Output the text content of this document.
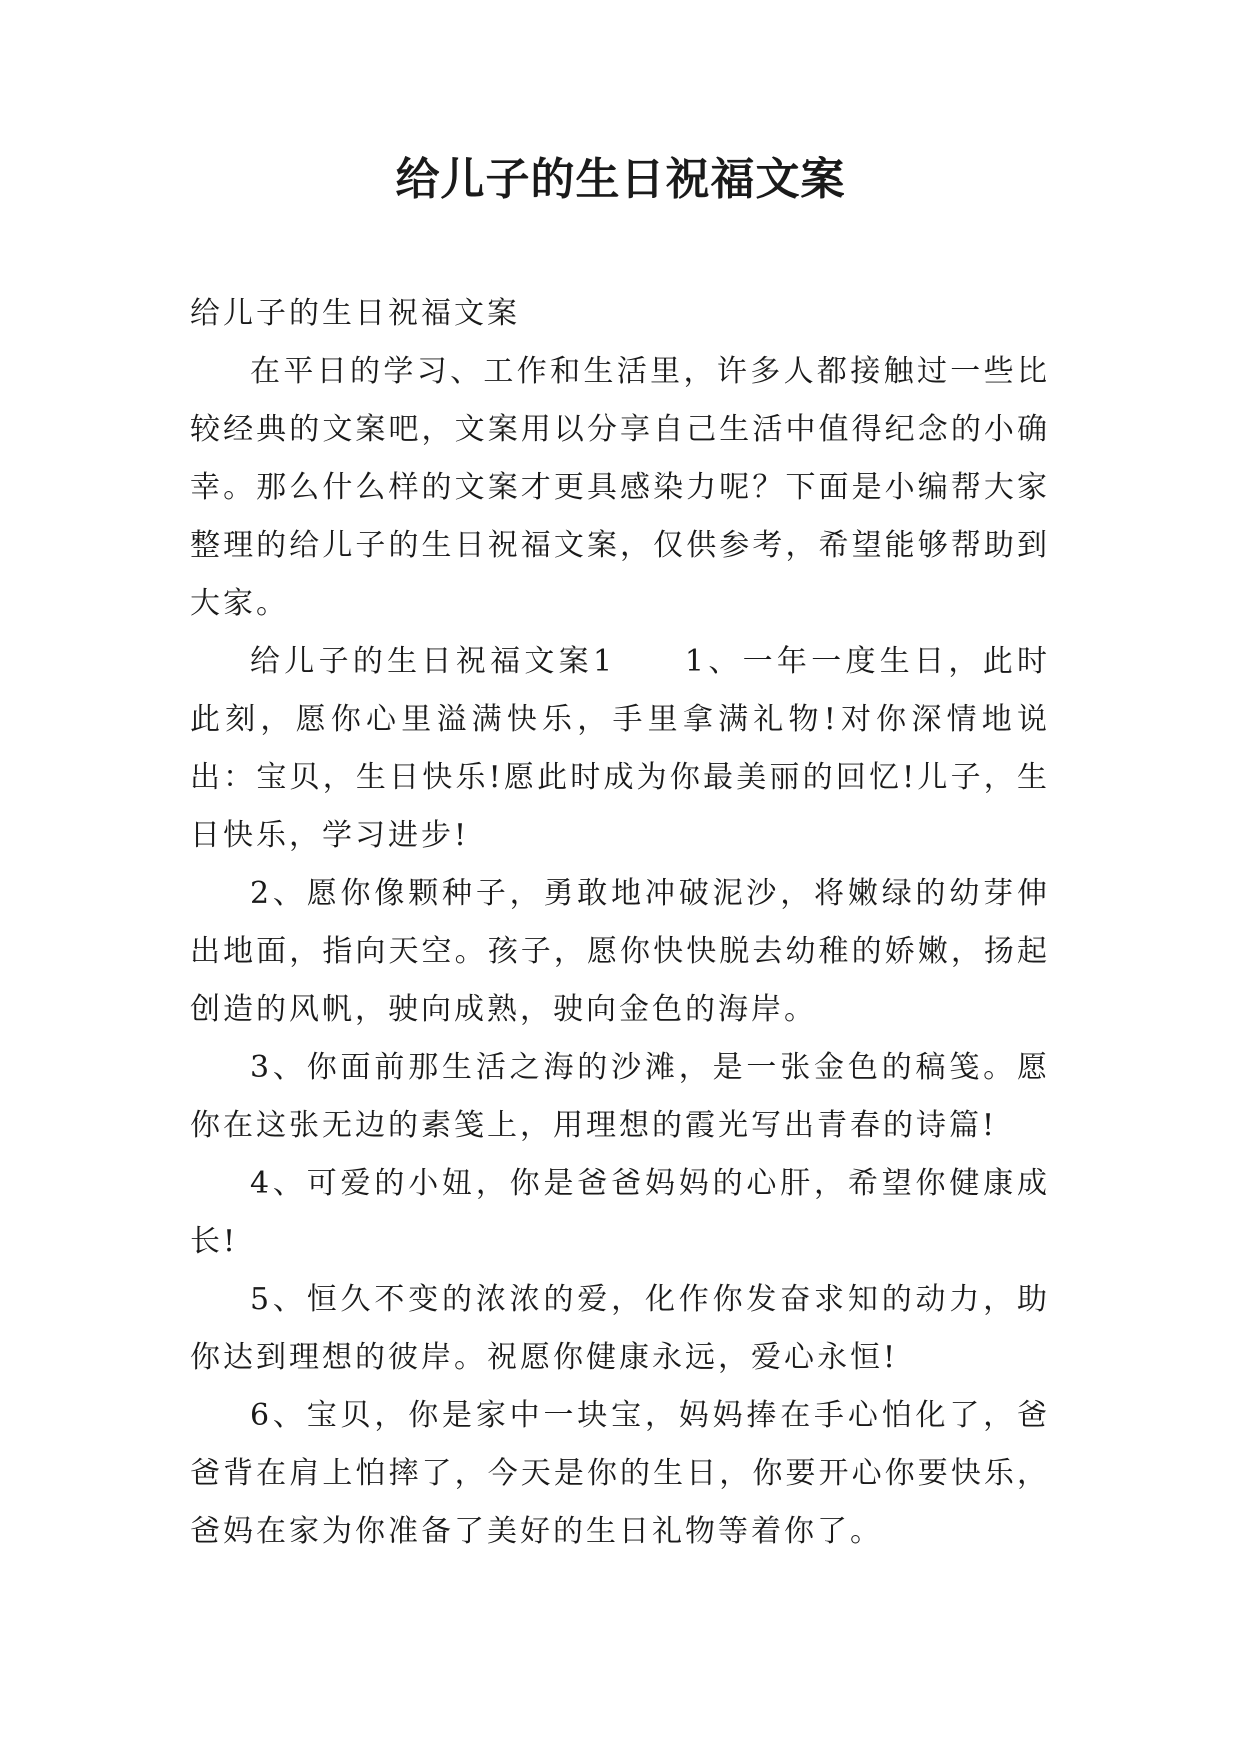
给儿子的生日祝福文案

给儿子的生日祝福文案

在平日的学习、工作和生活里，许多人都接触过一些比较经典的文案吧，文案用以分享自己生活中值得纪念的小确幸。那么什么样的文案才更具感染力呢？下面是小编帮大家整理的给儿子的生日祝福文案，仅供参考，希望能够帮助到大家。

给儿子的生日祝福文案1　　1、一年一度生日，此时此刻，愿你心里溢满快乐，手里拿满礼物!对你深情地说出：宝贝，生日快乐!愿此时成为你最美丽的回忆!儿子，生日快乐，学习进步!

2、愿你像颗种子，勇敢地冲破泥沙，将嫩绿的幼芽伸出地面，指向天空。孩子，愿你快快脱去幼稚的娇嫩，扬起创造的风帆，驶向成熟，驶向金色的海岸。

3、你面前那生活之海的沙滩，是一张金色的稿笺。愿你在这张无边的素笺上，用理想的霞光写出青春的诗篇!

4、可爱的小妞，你是爸爸妈妈的心肝，希望你健康成长!

5、恒久不变的浓浓的爱，化作你发奋求知的动力，助你达到理想的彼岸。祝愿你健康永远，爱心永恒!

6、宝贝，你是家中一块宝，妈妈捧在手心怕化了，爸爸背在肩上怕摔了，今天是你的生日，你要开心你要快乐，爸妈在家为你准备了美好的生日礼物等着你了。
